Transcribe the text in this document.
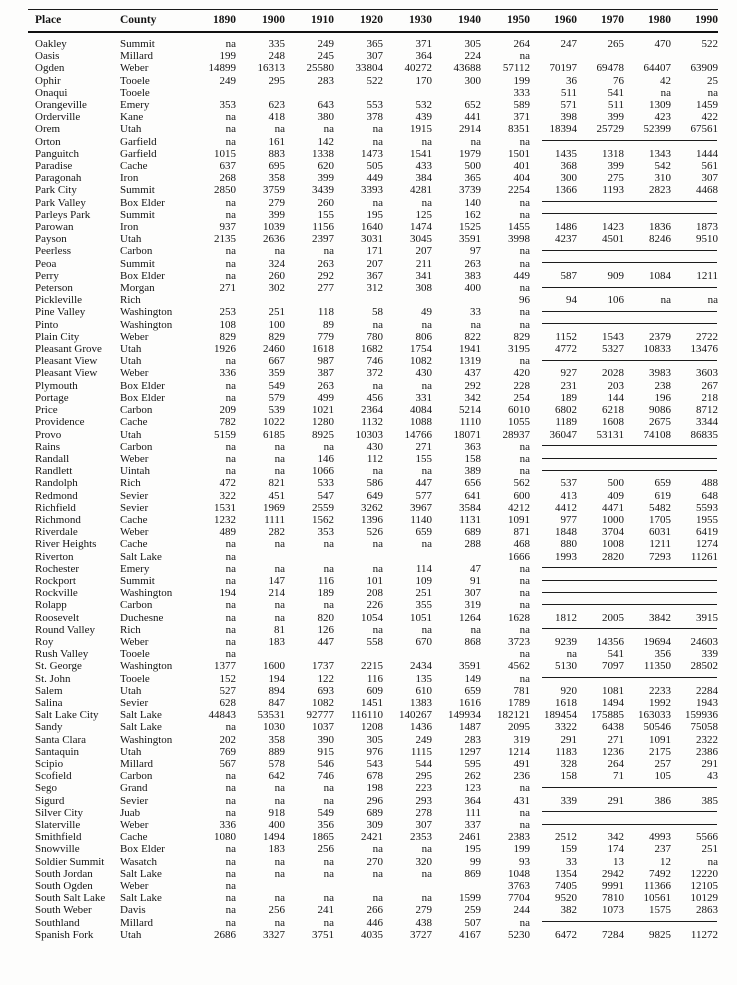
Place	County	1890	1900	1910	1920	1930	1940	1950	1960	1970	1980	1990
Oakley	Summit	na	335	249	365	371	305	264	247	265	470	522
Oasis	Millard	199	248	245	307	364	224	na				
Ogden	Weber	14899	16313	25580	33804	40272	43688	57112	70197	69478	64407	63909
Ophir	Tooele	249	295	283	522	170	300	199	36	76	42	25
Onaqui	Tooele							333	511	541	na	na
Orangeville	Emery	353	623	643	553	532	652	589	571	511	1309	1459
Orderville	Kane	na	418	380	378	439	441	371	398	399	423	422
Orem	Utah	na	na	na	na	1915	2914	8351	18394	25729	52399	67561
Orton	Garfield	na	161	142	na	na	na	na				

Panguitch	Garfield	1015	883	1338	1473	1541	1979	1501	1435	1318	1343	1444
Paradise	Cache	637	695	620	505	433	500	401	368	399	542	561
Paragonah	Iron	268	358	399	449	384	365	404	300	275	310	307
Park City	Summit	2850	3759	3439	3393	4281	3739	2254	1366	1193	2823	4468
Park Valley	Box Elder	na	279	260	na	na	140	na				

Parleys Park	Summit	na	399	155	195	125	162	na				

Parowan	Iron	937	1039	1156	1640	1474	1525	1455	1486	1423	1836	1873
Payson	Utah	2135	2636	2397	3031	3045	3591	3998	4237	4501	8246	9510
Peerless	Carbon	na	na	na	171	207	97	na				

Peoa	Summit	na	324	263	207	211	263	na				

Perry	Box Elder	na	260	292	367	341	383	449	587	909	1084	1211
Peterson	Morgan	271	302	277	312	308	400	na				

Pickleville	Rich							96	94	106	na	na
Pine Valley	Washington	253	251	118	58	49	33	na				

Pinto	Washington	108	100	89	na	na	na	na				

Plain City	Weber	829	829	779	780	806	822	829	1152	1543	2379	2722
Pleasant Grove	Utah	1926	2460	1618	1682	1754	1941	3195	4772	5327	10833	13476
Pleasant View	Utah	na	667	987	746	1082	1319	na				

Pleasant View	Weber	336	359	387	372	430	437	420	927	2028	3983	3603
Plymouth	Box Elder	na	549	263	na	na	292	228	231	203	238	267
Portage	Box Elder	na	579	499	456	331	342	254	189	144	196	218
Price	Carbon	209	539	1021	2364	4084	5214	6010	6802	6218	9086	8712
Providence	Cache	782	1022	1280	1132	1088	1110	1055	1189	1608	2675	3344
Provo	Utah	5159	6185	8925	10303	14766	18071	28937	36047	53131	74108	86835
Rains	Carbon	na	na	na	430	271	363	na				

Randall	Weber	na	na	146	112	155	158	na				

Randlett	Uintah	na	na	1066	na	na	389	na				

Randolph	Rich	472	821	533	586	447	656	562	537	500	659	488
Redmond	Sevier	322	451	547	649	577	641	600	413	409	619	648
Richfield	Sevier	1531	1969	2559	3262	3967	3584	4212	4412	4471	5482	5593
Richmond	Cache	1232	1111	1562	1396	1140	1131	1091	977	1000	1705	1955
Riverdale	Weber	489	282	353	526	659	689	871	1848	3704	6031	6419
River Heights	Cache	na	na	na	na	na	288	468	880	1008	1211	1274
Riverton	Salt Lake	na						1666	1993	2820	7293	11261
Rochester	Emery	na	na	na	na	114	47	na				

Rockport	Summit	na	147	116	101	109	91	na				

Rockville	Washington	194	214	189	208	251	307	na				

Rolapp	Carbon	na	na	na	226	355	319	na				

Roosevelt	Duchesne	na	na	820	1054	1051	1264	1628	1812	2005	3842	3915
Round Valley	Rich	na	81	126	na	na	na	na				

Roy	Weber	na	183	447	558	670	868	3723	9239	14356	19694	24603
Rush Valley	Tooele	na						na	na	541	356	339
St. George	Washington	1377	1600	1737	2215	2434	3591	4562	5130	7097	11350	28502
St. John	Tooele	152	194	122	116	135	149	na				

Salem	Utah	527	894	693	609	610	659	781	920	1081	2233	2284
Salina	Sevier	628	847	1082	1451	1383	1616	1789	1618	1494	1992	1943
Salt Lake City	Salt Lake	44843	53531	92777	116110	140267	149934	182121	189454	175885	163033	159936
Sandy	Salt Lake	na	1030	1037	1208	1436	1487	2095	3322	6438	50546	75058
Santa Clara	Washington	202	358	390	305	249	283	319	291	271	1091	2322
Santaquin	Utah	769	889	915	976	1115	1297	1214	1183	1236	2175	2386
Scipio	Millard	567	578	546	543	544	595	491	328	264	257	291
Scofield	Carbon	na	642	746	678	295	262	236	158	71	105	43
Sego	Grand	na	na	na	198	223	123	na				

Sigurd	Sevier	na	na	na	296	293	364	431	339	291	386	385
Silver City	Juab	na	918	549	689	278	111	na				

Slaterville	Weber	336	400	356	309	307	337	na				

Smithfield	Cache	1080	1494	1865	2421	2353	2461	2383	2512	342	4993	5566
Snowville	Box Elder	na	183	256	na	na	195	199	159	174	237	251
Soldier Summit	Wasatch	na	na	na	270	320	99	93	33	13	12	na
South Jordan	Salt Lake	na	na	na	na	na	869	1048	1354	2942	7492	12220
South Ogden	Weber	na						3763	7405	9991	11366	12105
South Salt Lake	Salt Lake	na	na	na	na	na	1599	7704	9520	7810	10561	10129
South Weber	Davis	na	256	241	266	279	259	244	382	1073	1575	2863
Southland	Millard	na	na	na	446	438	507	na				

Spanish Fork	Utah	2686	3327	3751	4035	3727	4167	5230	6472	7284	9825	11272
